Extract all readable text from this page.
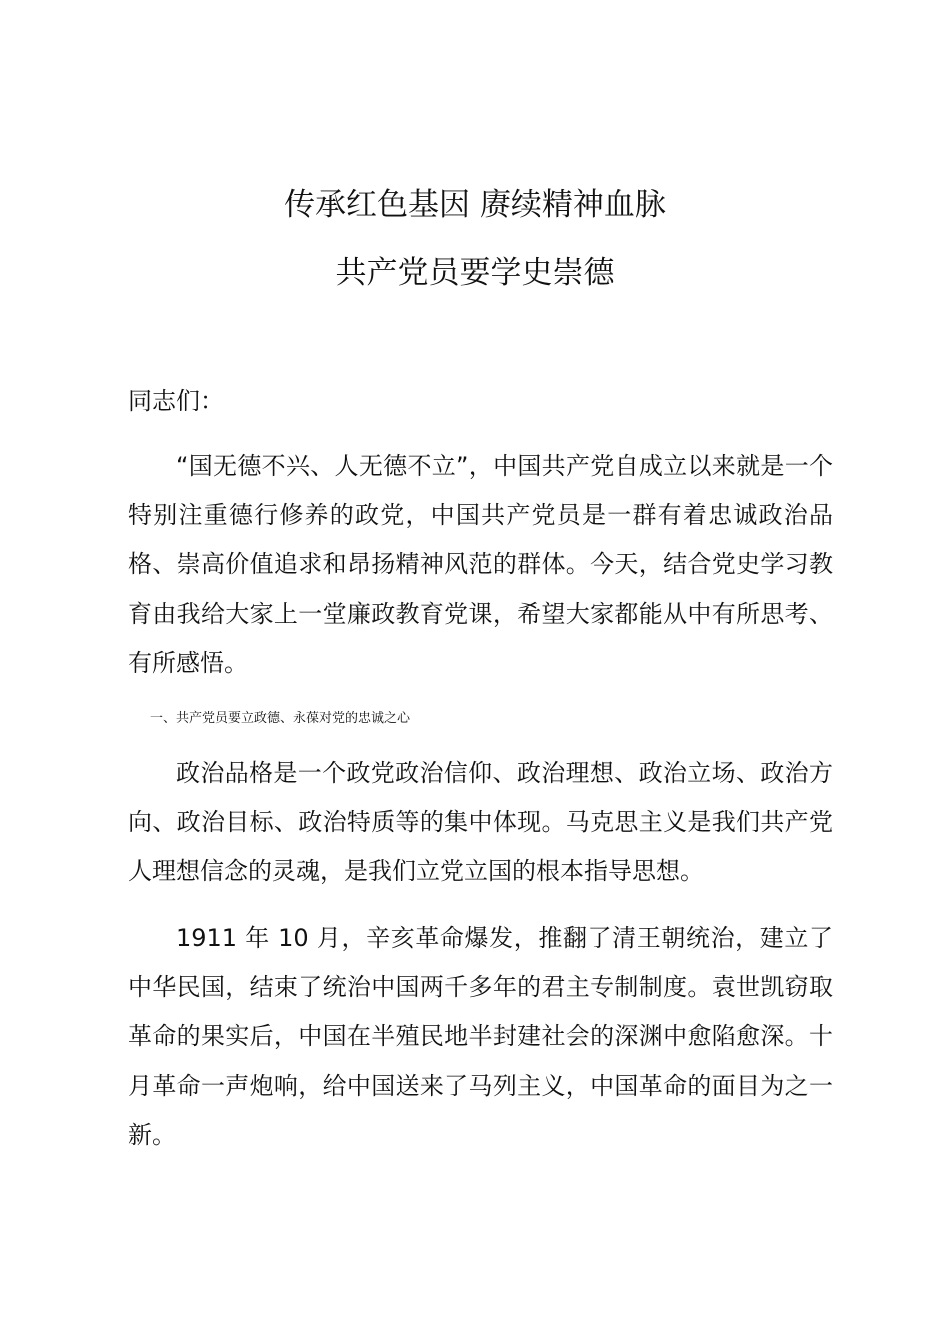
传承红色基因 赓续精神血脉
共产党员要学史崇德
同志们：

“国无德不兴、人无德不立”，中国共产党自成立以来就是一个特别注重德行修养的政党，中国共产党员是一群有着忠诚政治品格、崇高价值追求和昂扬精神风范的群体。今天，结合党史学习教育由我给大家上一堂廉政教育党课，希望大家都能从中有所思考、有所感悟。

一、共产党员要立政德、永葆对党的忠诚之心

政治品格是一个政党政治信仰、政治理想、政治立场、政治方向、政治目标、政治特质等的集中体现。马克思主义是我们共产党人理想信念的灵魂，是我们立党立国的根本指导思想。

1911 年 10 月，辛亥革命爆发，推翻了清王朝统治，建立了中华民国，结束了统治中国两千多年的君主专制制度。袁世凯窃取革命的果实后，中国在半殖民地半封建社会的深渊中愈陷愈深。十月革命一声炮响，给中国送来了马列主义，中国革命的面目为之一新。
